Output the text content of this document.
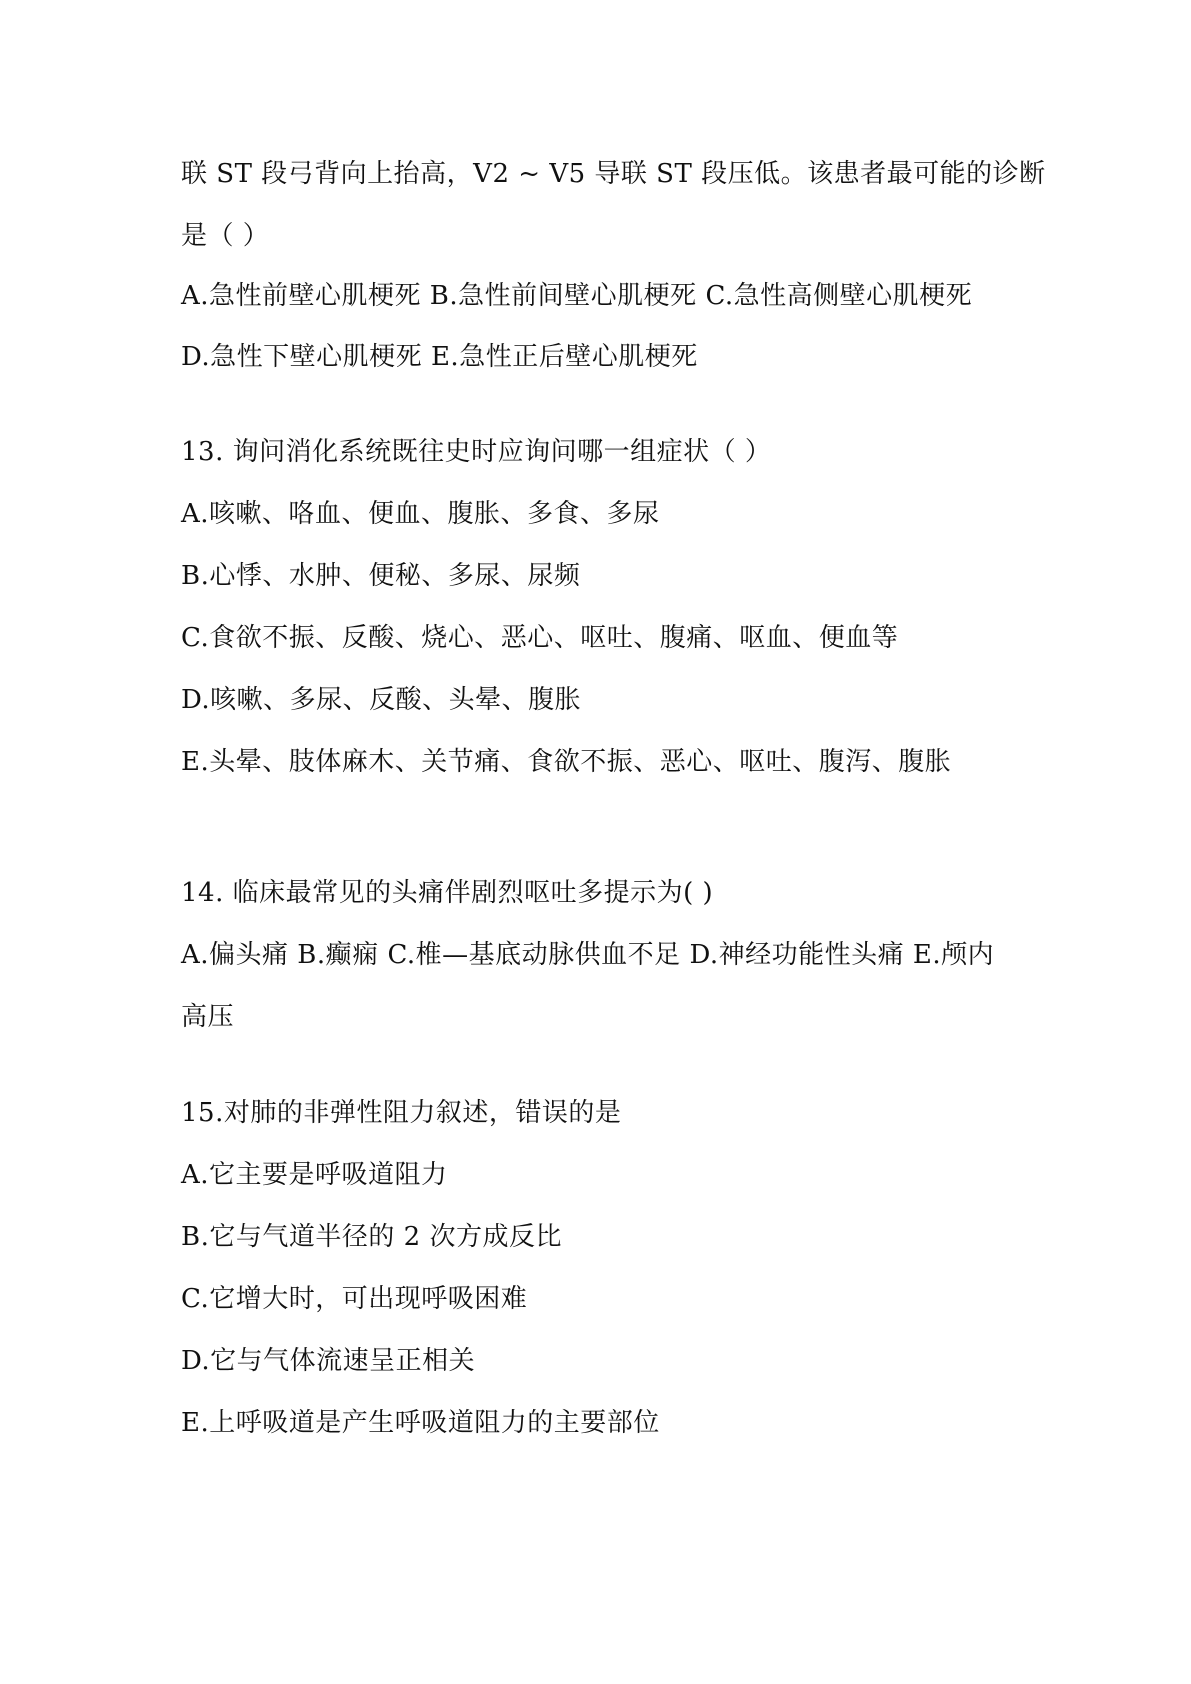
联 ST 段弓背向上抬高，V2 ~ V5 导联 ST 段压低。该患者最可能的诊断
是（ ）
A.急性前壁心肌梗死 B.急性前间壁心肌梗死 C.急性高侧壁心肌梗死
D.急性下壁心肌梗死 E.急性正后壁心肌梗死
13. 询问消化系统既往史时应询问哪一组症状（ ）
A.咳嗽、咯血、便血、腹胀、多食、多尿
B.心悸、水肿、便秘、多尿、尿频
C.食欲不振、反酸、烧心、恶心、呕吐、腹痛、呕血、便血等
D.咳嗽、多尿、反酸、头晕、腹胀
E.头晕、肢体麻木、关节痛、食欲不振、恶心、呕吐、腹泻、腹胀
14. 临床最常见的头痛伴剧烈呕吐多提示为( )
A.偏头痛 B.癫痫 C.椎—基底动脉供血不足 D.神经功能性头痛 E.颅内
高压
15.对肺的非弹性阻力叙述，错误的是
A.它主要是呼吸道阻力
B.它与气道半径的 2 次方成反比
C.它增大时，可出现呼吸困难
D.它与气体流速呈正相关
E.上呼吸道是产生呼吸道阻力的主要部位
